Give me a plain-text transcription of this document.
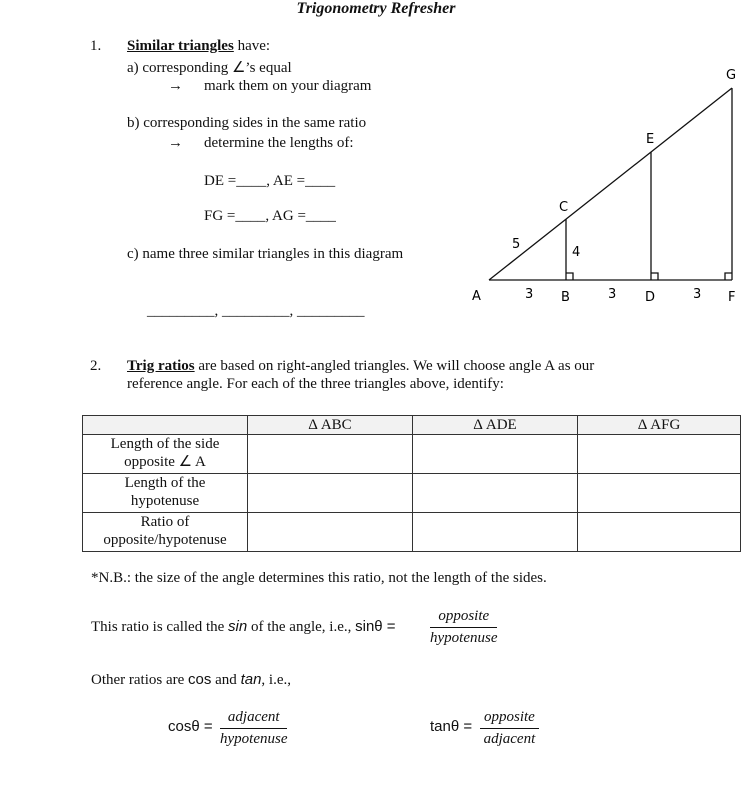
Trigonometry Refresher
1. Similar triangles have:
a) corresponding ∠’s equal
→ mark them on your diagram
b) corresponding sides in the same ratio
→ determine the lengths of:
DE =____, AE =____
FG =____, AG =____
c) name three similar triangles in this diagram
_________, _________, _________
A	B
C
D
E
F
G
5
4
3	3	3
2. Trig ratios are based on right-angled triangles. We will choose angle A as our
reference angle. For each of the three triangles above, identify:
	Δ ABC	Δ ADE	Δ AFG
Length of the side
opposite ∠ A			
Length of the
hypotenuse			
Ratio of
opposite/hypotenuse			
*N.B.: the size of the angle determines this ratio, not the length of the sides.
This ratio is called the sin of the angle, i.e., sinθ =
opposite
hypotenuse
Other ratios are cos and tan, i.e.,
cosθ =
adjacent
hypotenuse
tanθ =
opposite
adjacent
